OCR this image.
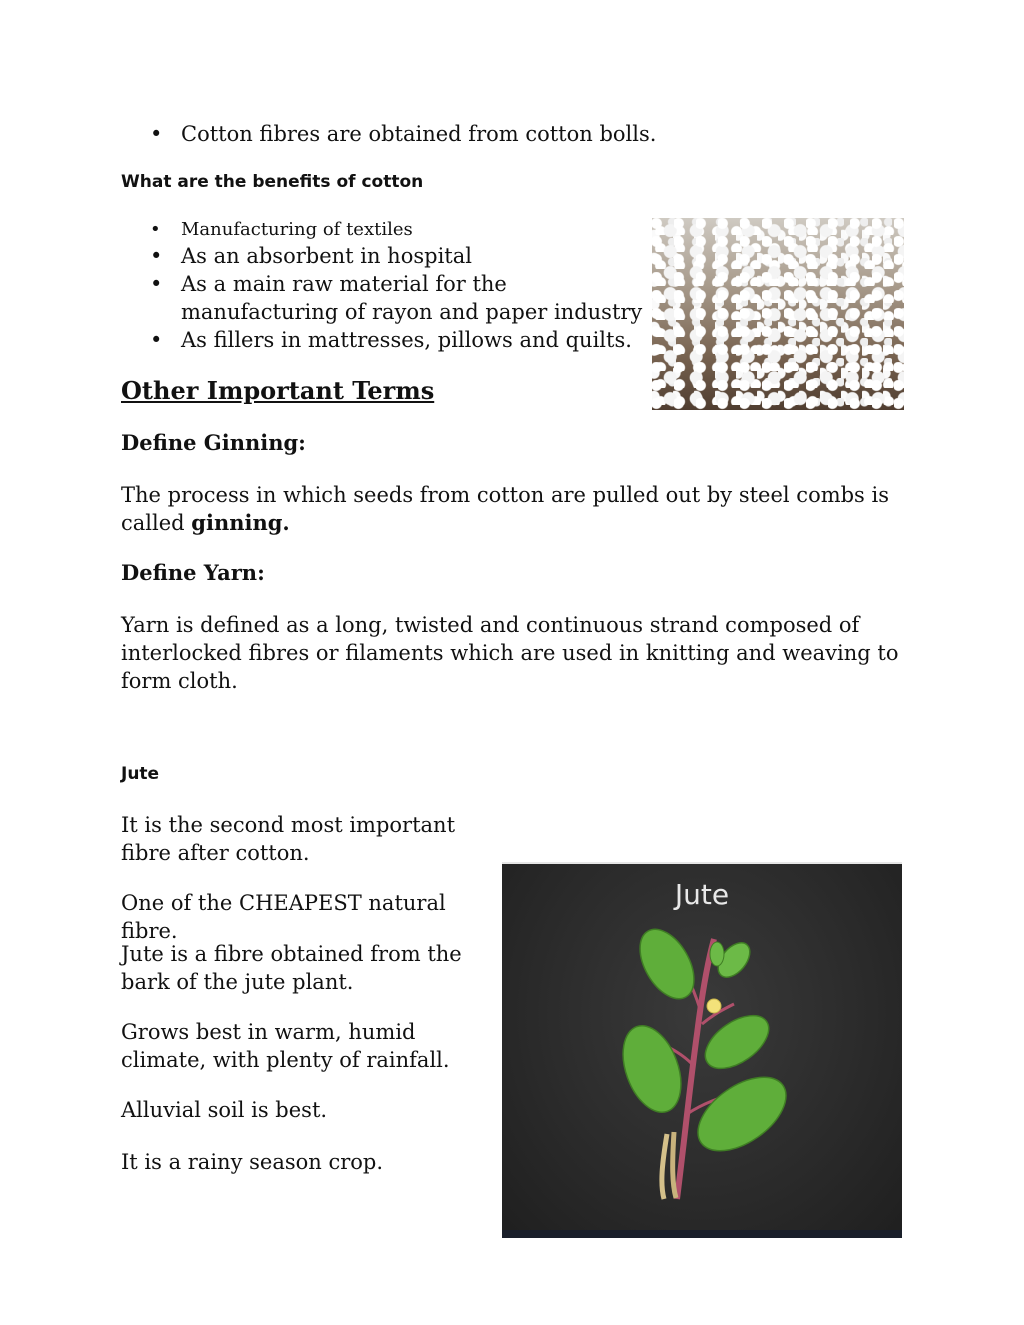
• Cotton fibres are obtained from cotton bolls.
What are the benefits of cotton
• Manufacturing of textiles
• As an absorbent in hospital
• As a main raw material for the manufacturing of rayon and paper industry
• As fillers in mattresses, pillows and quilts.
Other Important Terms
Define Ginning:

The process in which seeds from cotton are pulled out by steel combs is called ginning.

Define Yarn:

Yarn is defined as a long, twisted and continuous strand composed of interlocked fibres or filaments which are used in knitting and weaving to form cloth.

Jute

It is the second most important fibre after cotton.

One of the CHEAPEST natural fibre.

Jute is a fibre obtained from the bark of the jute plant.

Grows best in warm, humid climate, with plenty of rainfall.

Alluvial soil is best.

It is a rainy season crop.

Jute
